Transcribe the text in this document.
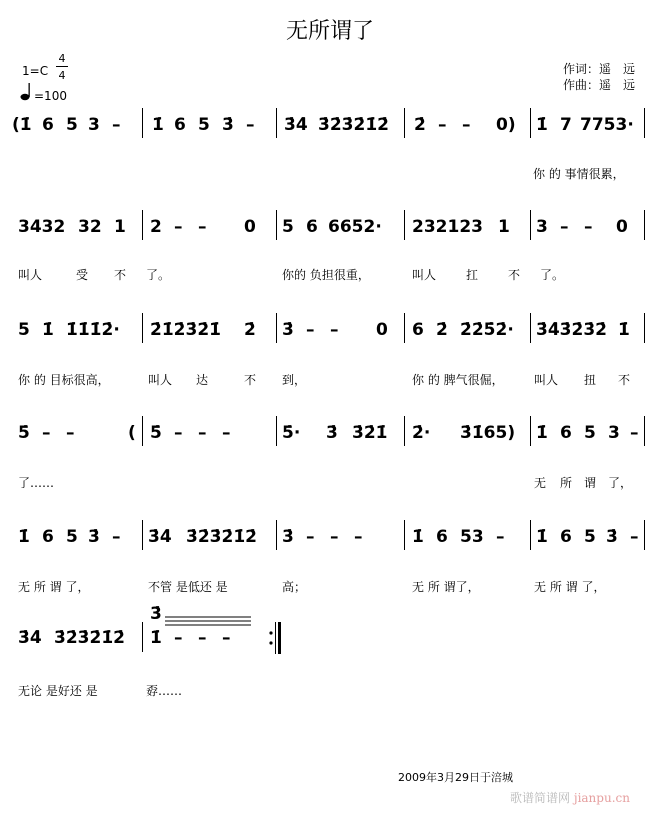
无所谓了
1=C
4
4
=100
作词：遥　远
作曲：遥　远
(1̇ 6 5 3 – 1̇ 6 5 3̇ – 3̇4̇ 3̇2̇3̇2̇1̇2̇ 2̇ – – 0) 1̇ 7 7753·
你 的 事情很累，
3432 32 1 2 – – 0 5 6 6652· 232123 1 3 – – 0
叫人	受 不 了。	你的 负担很重，	叫人 扛 不 了。
5 1̇ 1̇1̇1̇2̇· 2̇1̇2̇3̇2̇1̇ 2̇ 3̇ – – 0 6 2̇ 2̇2̇5̇2̇· 3̇4̇3̇2̇3̇2̇ 1̇
你 的 目标很高，	叫人 达	不 到，	你 的 脾气很倔，	叫人 扭 不
5̇ – –	( 5̇ – – –	5̇· 3̇ 3̇2̇1̇ 2̇· 3̇1̇65) 1̇ 6 5 3 –
了……	无 所 谓 了，
1̇ 6 5 3̇ – 3̇4̇ 3̇2̇3̇2̇1̇2̇ 3̇ – – –	1̇ 6 53 – 1̇ 6 5 3̇ –
无 所 谓 了，	不管 是低还 是	高；	无 所 谓了，	无 所 谓 了，
3̇4̇ 3̇2̇3̇2̇1̇2̇
3̇
1̇ – – –
无论 是好还 是	孬……
2009年3月29日于涪城
歌谱简谱网 jianpu.cn
